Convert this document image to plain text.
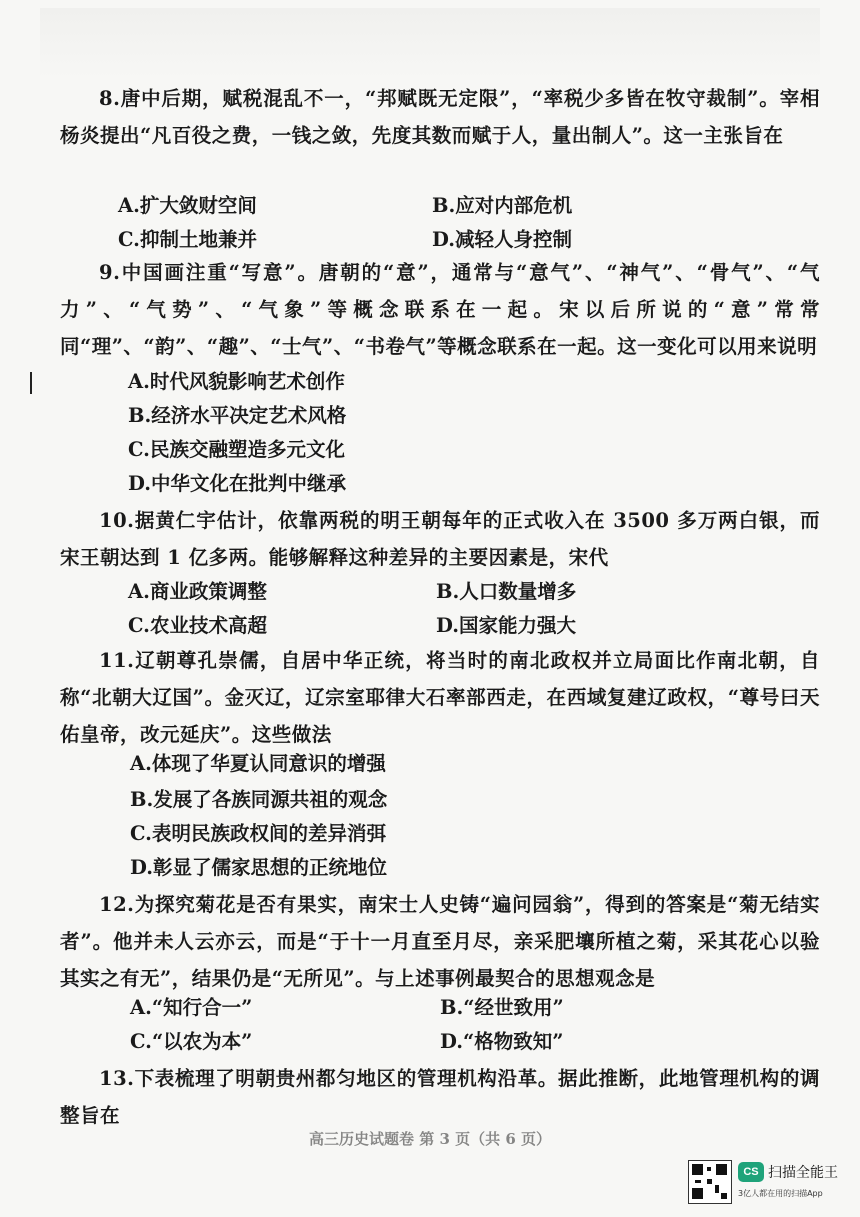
8.唐中后期，赋税混乱不一，“邦赋既无定限”，“率税少多皆在牧守裁制”。宰相杨炎提出“凡百役之费，一钱之敛，先度其数而赋于人，量出制人”。这一主张旨在

A.扩大敛财空间	B.应对内部危机
C.抑制土地兼并	D.减轻人身控制

9.中国画注重“写意”。唐朝的“意”，通常与“意气”、“神气”、“骨气”、“气力”、“气势”、“气象”等概念联系在一起。宋以后所说的“意”常常同“理”、“韵”、“趣”、“士气”、“书卷气”等概念联系在一起。这一变化可以用来说明

A.时代风貌影响艺术创作
B.经济水平决定艺术风格
C.民族交融塑造多元文化
D.中华文化在批判中继承

10.据黄仁宇估计，依靠两税的明王朝每年的正式收入在 3500 多万两白银，而宋王朝达到 1 亿多两。能够解释这种差异的主要因素是，宋代

A.商业政策调整	B.人口数量增多
C.农业技术高超	D.国家能力强大

11.辽朝尊孔崇儒，自居中华正统，将当时的南北政权并立局面比作南北朝，自称“北朝大辽国”。金灭辽，辽宗室耶律大石率部西走，在西域复建辽政权，“尊号曰天佑皇帝，改元延庆”。这些做法

A.体现了华夏认同意识的增强
B.发展了各族同源共祖的观念
C.表明民族政权间的差异消弭
D.彰显了儒家思想的正统地位

12.为探究菊花是否有果实，南宋士人史铸“遍问园翁”，得到的答案是“菊无结实者”。他并未人云亦云，而是“于十一月直至月尽，亲采肥壤所植之菊，采其花心以验其实之有无”，结果仍是“无所见”。与上述事例最契合的思想观念是

A.“知行合一”	B.“经世致用”
C.“以农为本”	D.“格物致知”

13.下表梳理了明朝贵州都匀地区的管理机构沿革。据此推断，此地管理机构的调整旨在

高三历史试题卷 第 3 页（共 6 页）
CS 扫描全能王
3亿人都在用的扫描App
